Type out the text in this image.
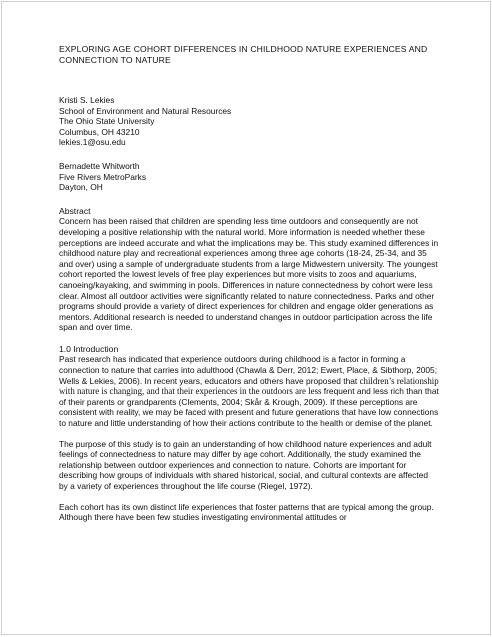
EXPLORING AGE COHORT DIFFERENCES IN CHILDHOOD NATURE EXPERIENCES AND CONNECTION TO NATURE
Kristi S. Lekies
School of Environment and Natural Resources
The Ohio State University
Columbus, OH 43210
lekies.1@osu.edu
Bernadette Whitworth
Five Rivers MetroParks
Dayton, OH
Abstract

Concern has been raised that children are spending less time outdoors and consequently are not developing a positive relationship with the natural world. More information is needed whether these perceptions are indeed accurate and what the implications may be. This study examined differences in childhood nature play and recreational experiences among three age cohorts (18-24, 25-34, and 35 and over) using a sample of undergraduate students from a large Midwestern university. The youngest cohort reported the lowest levels of free play experiences but more visits to zoos and aquariums, canoeing/kayaking, and swimming in pools. Differences in nature connectedness by cohort were less clear. Almost all outdoor activities were significantly related to nature connectedness. Parks and other programs should provide a variety of direct experiences for children and engage older generations as mentors. Additional research is needed to understand changes in outdoor participation across the life span and over time.

1.0 Introduction

Past research has indicated that experience outdoors during childhood is a factor in forming a connection to nature that carries into adulthood (Chawla & Derr, 2012; Ewert, Place, & Sibthorp, 2005; Wells & Lekies, 2006). In recent years, educators and others have proposed that children’s relationship with nature is changing, and that their experiences in the outdoors are less frequent and less rich than that of their parents or grandparents (Clements, 2004; Skår & Krough, 2009). If these perceptions are consistent with reality, we may be faced with present and future generations that have low connections to nature and little understanding of how their actions contribute to the health or demise of the planet.

The purpose of this study is to gain an understanding of how childhood nature experiences and adult feelings of connectedness to nature may differ by age cohort. Additionally, the study examined the relationship between outdoor experiences and connection to nature. Cohorts are important for describing how groups of individuals with shared historical, social, and cultural contexts are affected by a variety of experiences throughout the life course (Riegel, 1972).

Each cohort has its own distinct life experiences that foster patterns that are typical among the group. Although there have been few studies investigating environmental attitudes or
